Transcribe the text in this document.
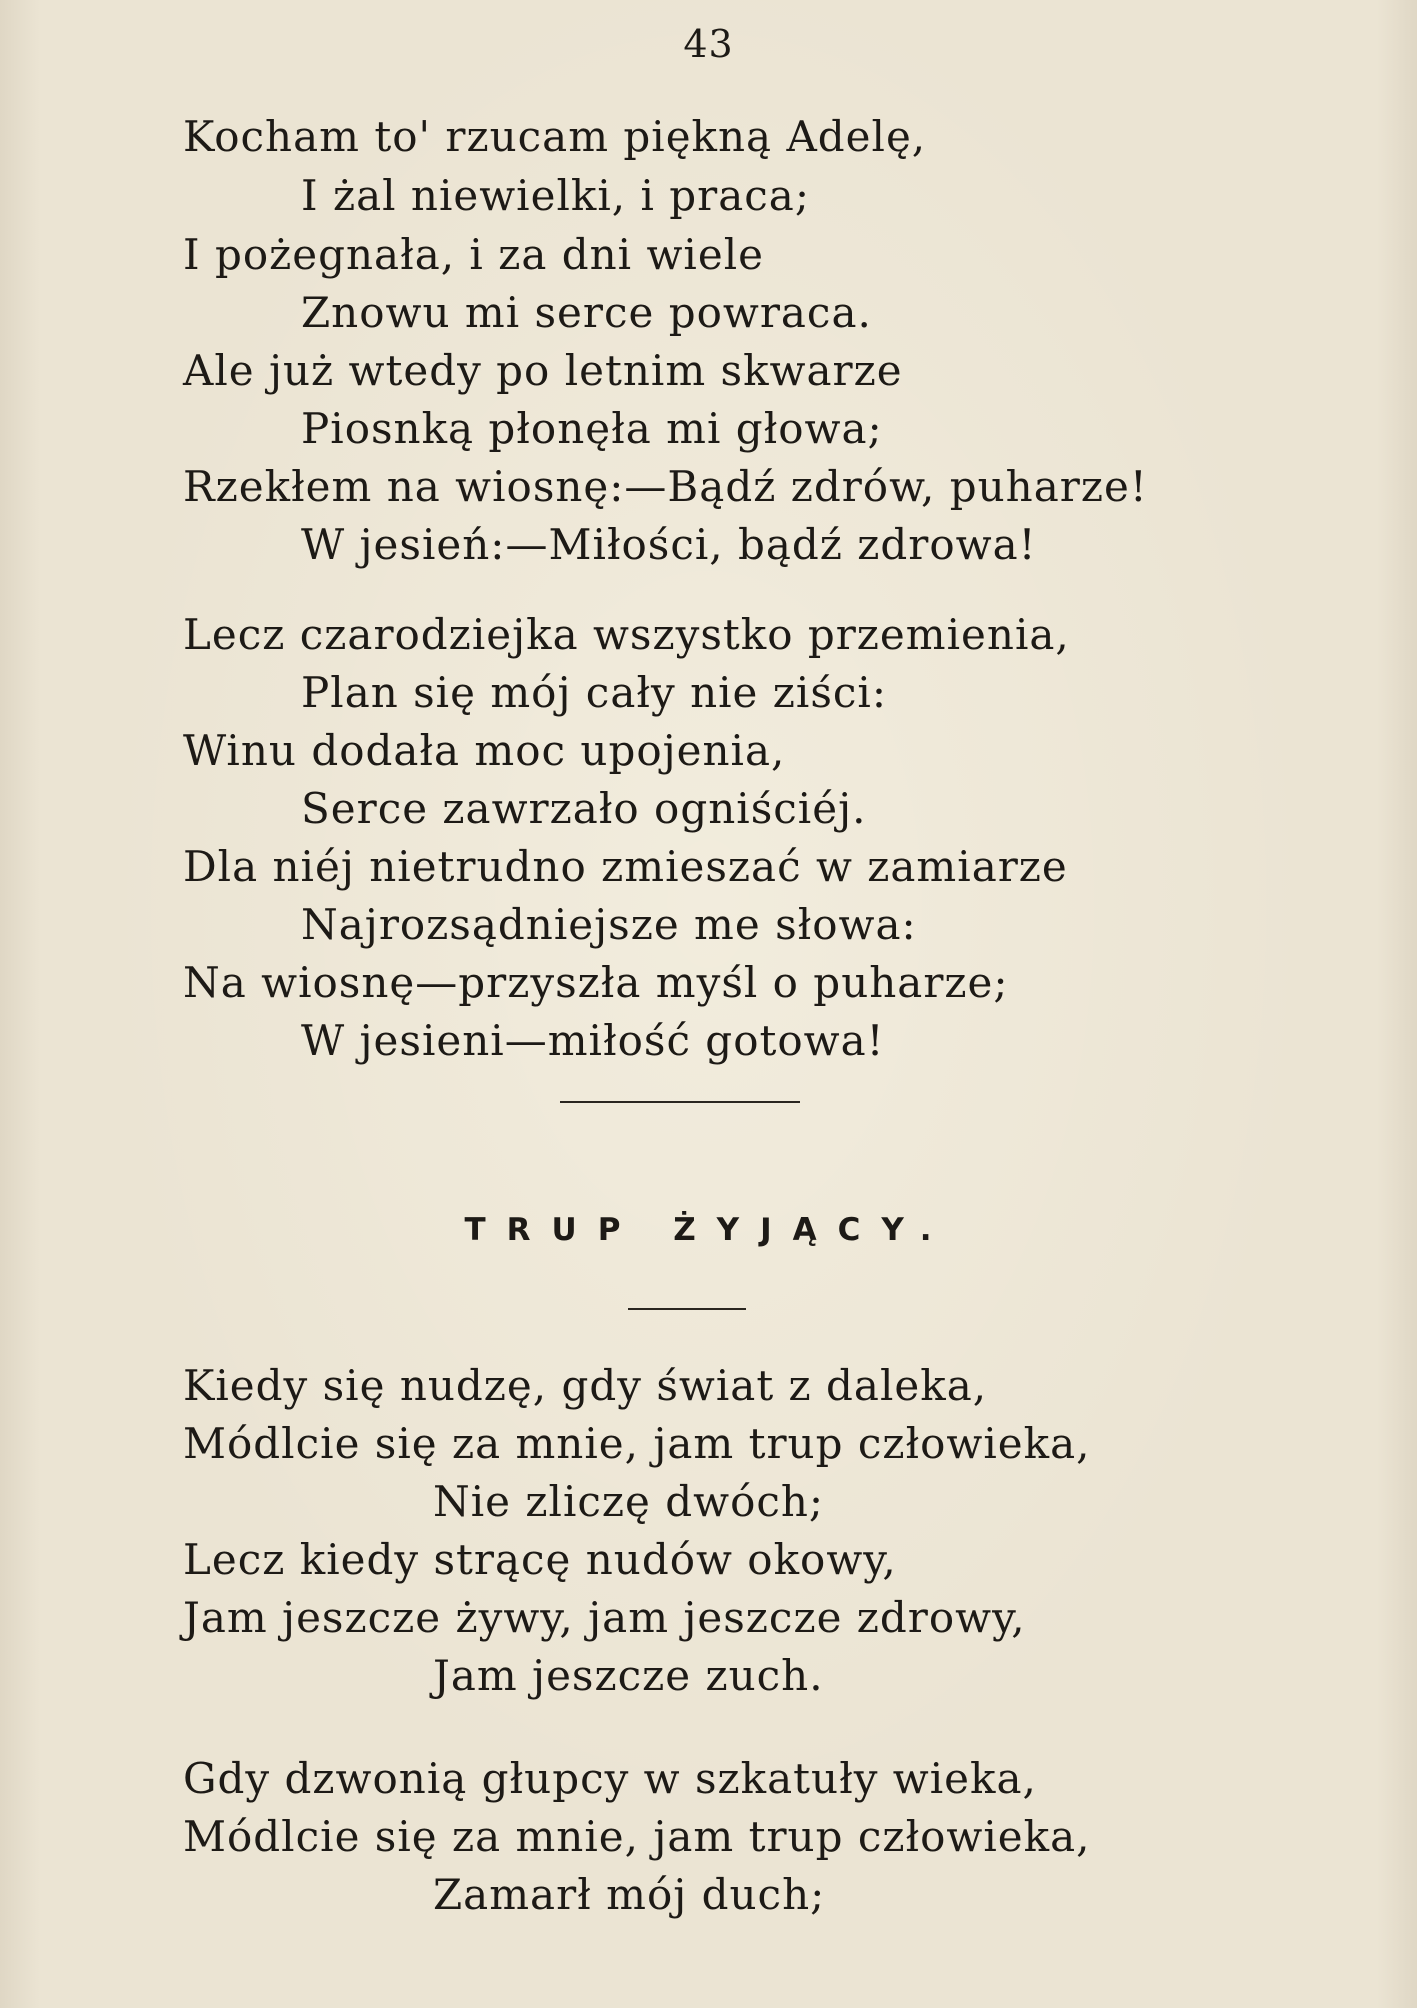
43
Kocham to' rzucam piękną Adelę,
I żal niewielki, i praca;
I pożegnała, i za dni wiele
Znowu mi serce powraca.
Ale już wtedy po letnim skwarze
Piosnką płonęła mi głowa;
Rzekłem na wiosnę:—Bądź zdrów, puharze!
W jesień:—Miłości, bądź zdrowa!
Lecz czarodziejka wszystko przemienia,
Plan się mój cały nie ziści:
Winu dodała moc upojenia,
Serce zawrzało ogniściéj.
Dla niéj nietrudno zmieszać w zamiarze
Najrozsądniejsze me słowa:
Na wiosnę—przyszła myśl o puharze;
W jesieni—miłość gotowa!
TRUP ŻYJĄCY.
Kiedy się nudzę, gdy świat z daleka,
Módlcie się za mnie, jam trup człowieka,
Nie zliczę dwóch;
Lecz kiedy strącę nudów okowy,
Jam jeszcze żywy, jam jeszcze zdrowy,
Jam jeszcze zuch.
Gdy dzwonią głupcy w szkatuły wieka,
Módlcie się za mnie, jam trup człowieka,
Zamarł mój duch;
